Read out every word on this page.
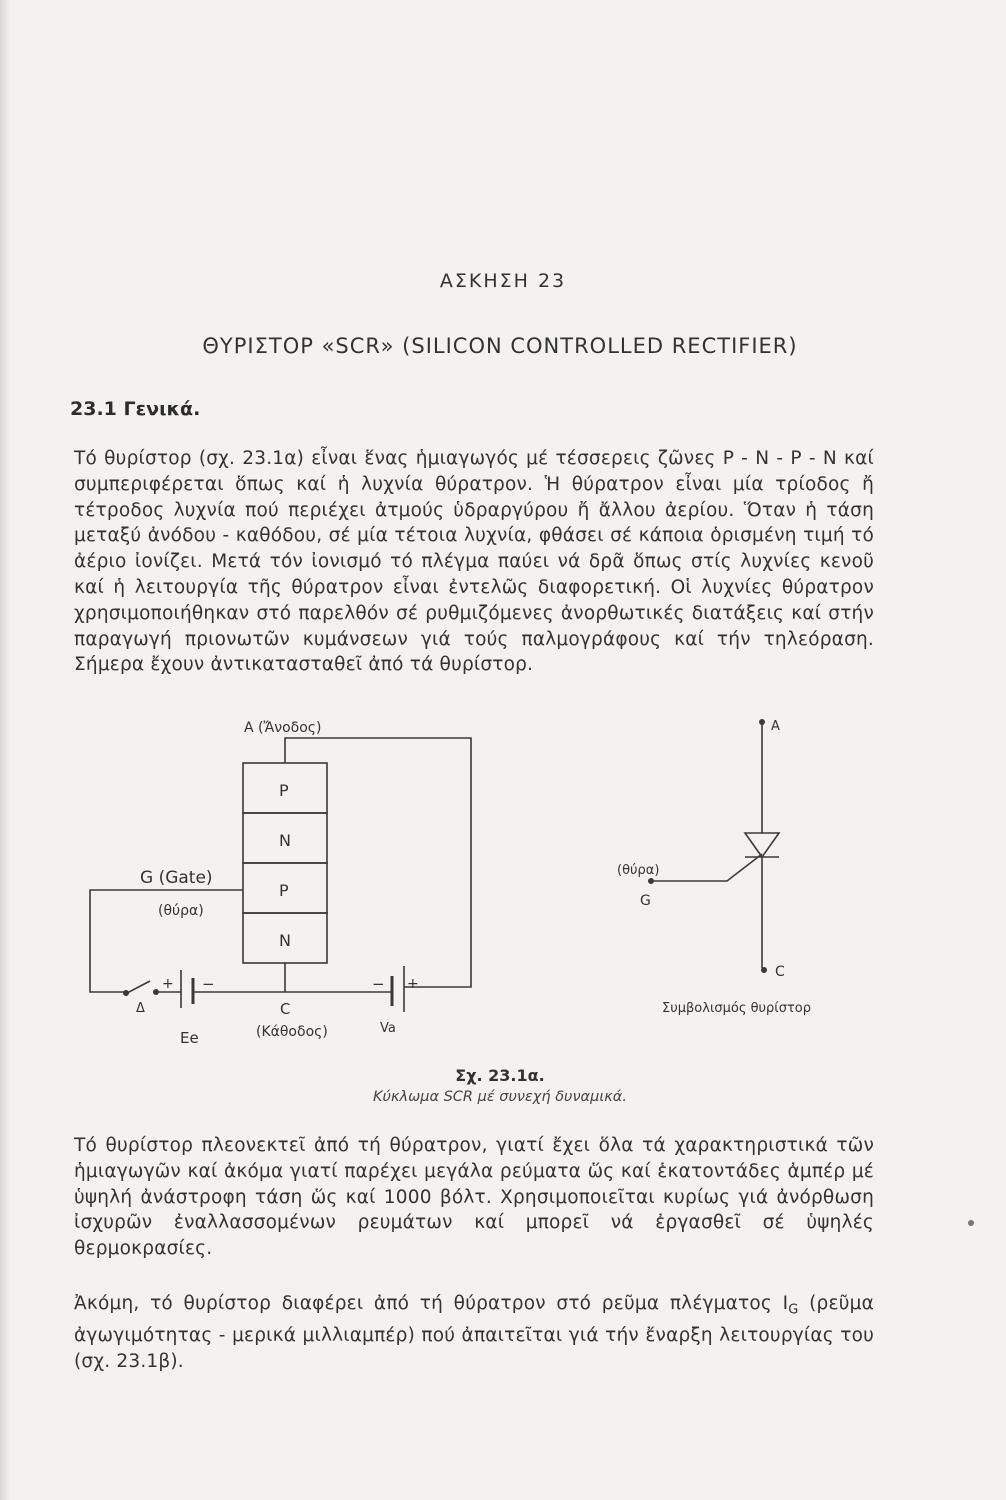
ΑΣΚΗΣΗ 23
ΘΥΡΙΣΤΟΡ «SCR» (SILICON CONTROLLED RECTIFIER)
23.1 Γενικά.
Τό θυρίστορ (σχ. 23.1α) εἶναι ἕνας ἡμιαγωγός μέ τέσσερεις ζῶνες P - N - P - N καί συμπεριφέρεται ὅπως καί ἡ λυχνία θύρατρον. Ἡ θύρατρον εἶναι μία τρίοδος ἤ τέτροδος λυχνία πού περιέχει ἀτμούς ὑδραργύρου ἤ ἄλλου ἀερίου. Ὅταν ἡ τάση μεταξύ ἀνόδου - καθόδου, σέ μία τέτοια λυχνία, φθάσει σέ κάποια ὁρισμένη τιμή τό ἀέριο ἰονίζει. Μετά τόν ἰονισμό τό πλέγμα παύει νά δρᾶ ὅπως στίς λυχνίες κενοῦ καί ἡ λειτουργία τῆς θύρατρον εἶναι ἐντελῶς διαφορετική. Οἱ λυχνίες θύρατρον χρησιμοποιήθηκαν στό παρελθόν σέ ρυθμιζόμενες ἀνορθωτικές διατάξεις καί στήν παραγωγή πριονωτῶν κυμάνσεων γιά τούς παλμογράφους καί τήν τηλεόραση. Σήμερα ἔχουν ἀντικατασταθεῖ ἀπό τά θυρίστορ.
A (Ἄνοδος)
P
N
P
N
G (Gate)
(θύρα)
Δ
+ −
Ee
C
(Κάθοδος)
− +
Va
A
(θύρα)
G
C
Συμβολισμός θυρίστορ
Σχ. 23.1α.
Κύκλωμα SCR μέ συνεχή δυναμικά.
Τό θυρίστορ πλεονεκτεῖ ἀπό τή θύρατρον, γιατί ἔχει ὅλα τά χαρακτηριστικά τῶν ἡμιαγωγῶν καί ἀκόμα γιατί παρέχει μεγάλα ρεύματα ὥς καί ἑκατοντάδες ἀμπέρ μέ ὑψηλή ἀνάστροφη τάση ὥς καί 1000 βόλτ. Χρησιμοποιεῖται κυρίως γιά ἀνόρθωση ἰσχυρῶν ἐναλλασσομένων ρευμάτων καί μπορεῖ νά ἐργασθεῖ σέ ὑψηλές θερμοκρασίες.
Ἀκόμη, τό θυρίστορ διαφέρει ἀπό τή θύρατρον στό ρεῦμα πλέγματος $I_G$ (ρεῦμα ἀγωγιμότητας - μερικά μιλλιαμπέρ) πού ἀπαιτεῖται γιά τήν ἔναρξη λειτουργίας του (σχ. 23.1β).
